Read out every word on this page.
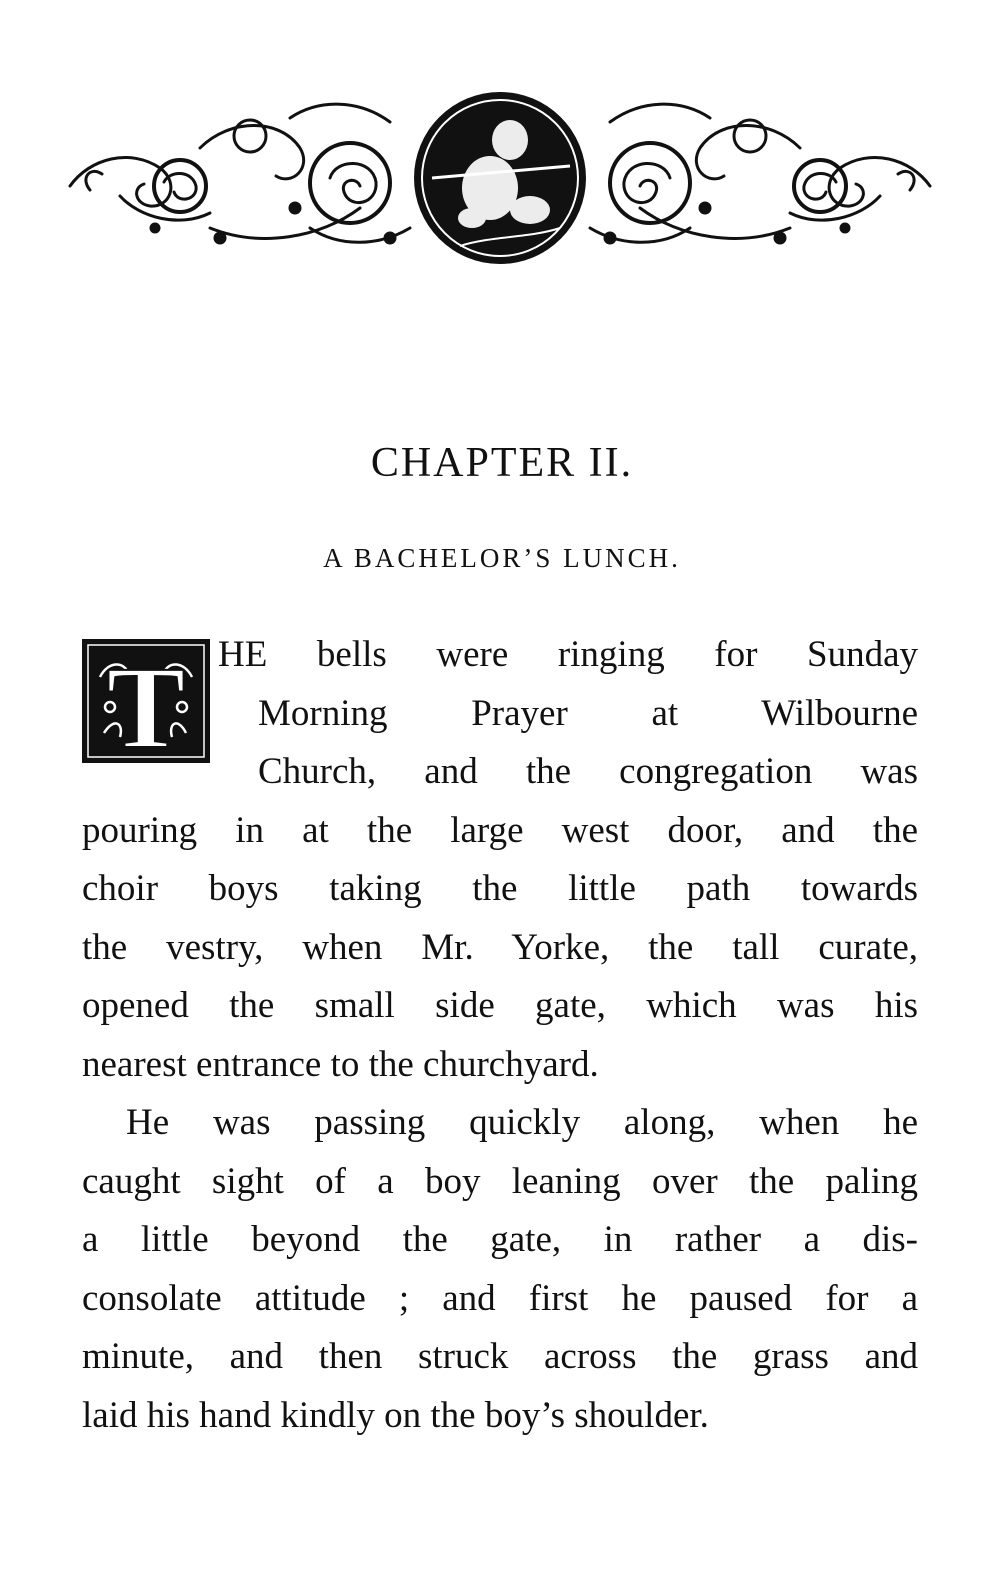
CHAPTER II.
A BACHELOR’S LUNCH.
T HE bells were ringing for Sunday
Morning Prayer at Wilbourne
Church, and the congregation was
pouring in at the large west door, and the
choir boys taking the little path towards
the vestry, when Mr. Yorke, the tall curate,
opened the small side gate, which was his
nearest entrance to the churchyard.
He was passing quickly along, when he
caught sight of a boy leaning over the paling
a little beyond the gate, in rather a dis-
consolate attitude ; and first he paused for a
minute, and then struck across the grass and
laid his hand kindly on the boy’s shoulder.
